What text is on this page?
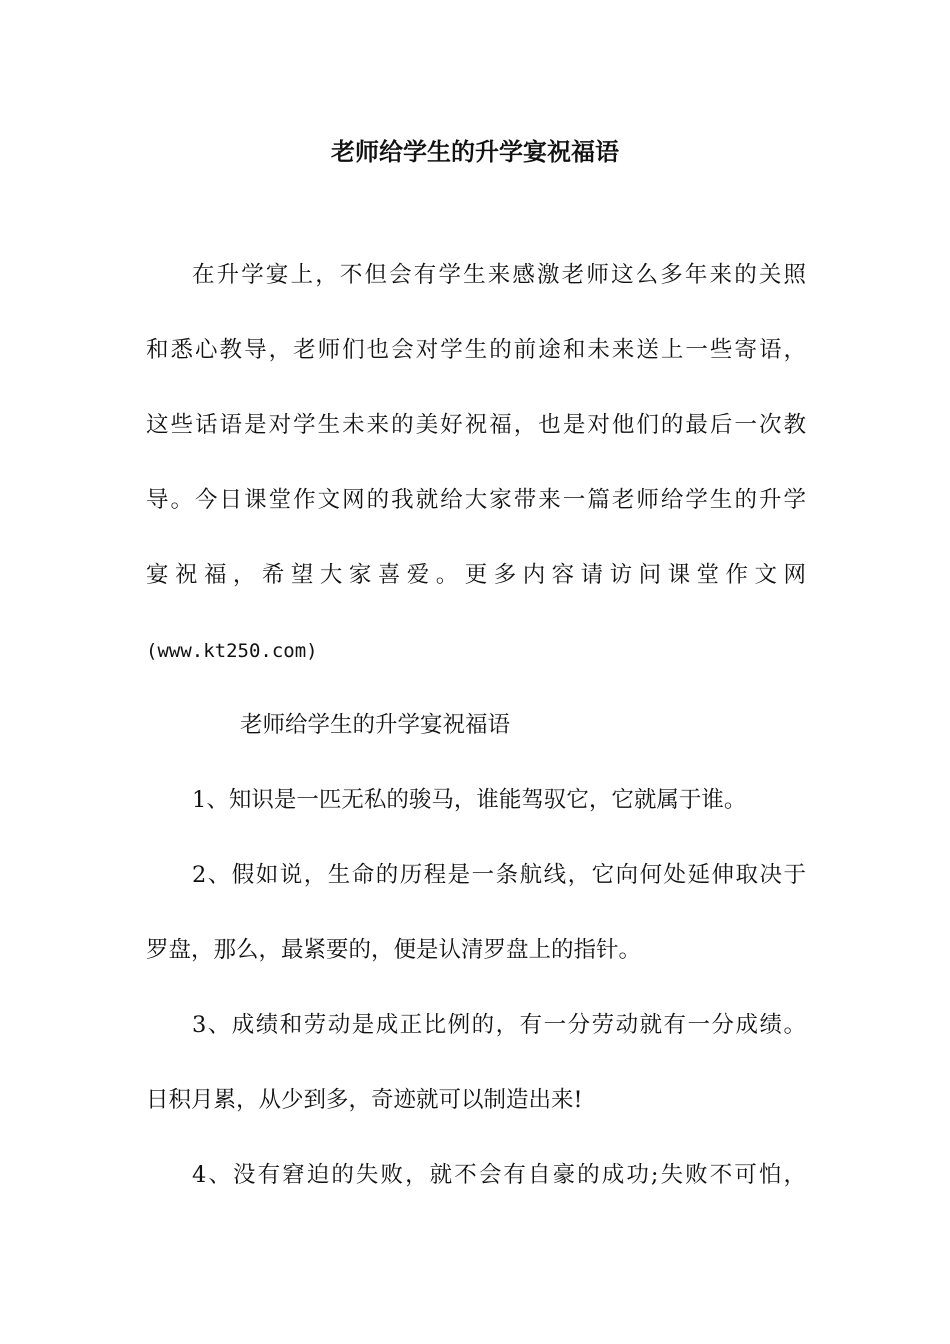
老师给学生的升学宴祝福语

在升学宴上，不但会有学生来感激老师这么多年来的关照

和悉心教导，老师们也会对学生的前途和未来送上一些寄语，

这些话语是对学生未来的美好祝福，也是对他们的最后一次教

导。今日课堂作文网的我就给大家带来一篇老师给学生的升学

宴祝福，希望大家喜爱。更多内容请访问课堂作文网

(www.kt250.com)

老师给学生的升学宴祝福语

1、知识是一匹无私的骏马，谁能驾驭它，它就属于谁。

2、假如说，生命的历程是一条航线，它向何处延伸取决于

罗盘，那么，最紧要的，便是认清罗盘上的指针。

3、成绩和劳动是成正比例的，有一分劳动就有一分成绩。

日积月累，从少到多，奇迹就可以制造出来!

4、没有窘迫的失败，就不会有自豪的成功;失败不可怕，
